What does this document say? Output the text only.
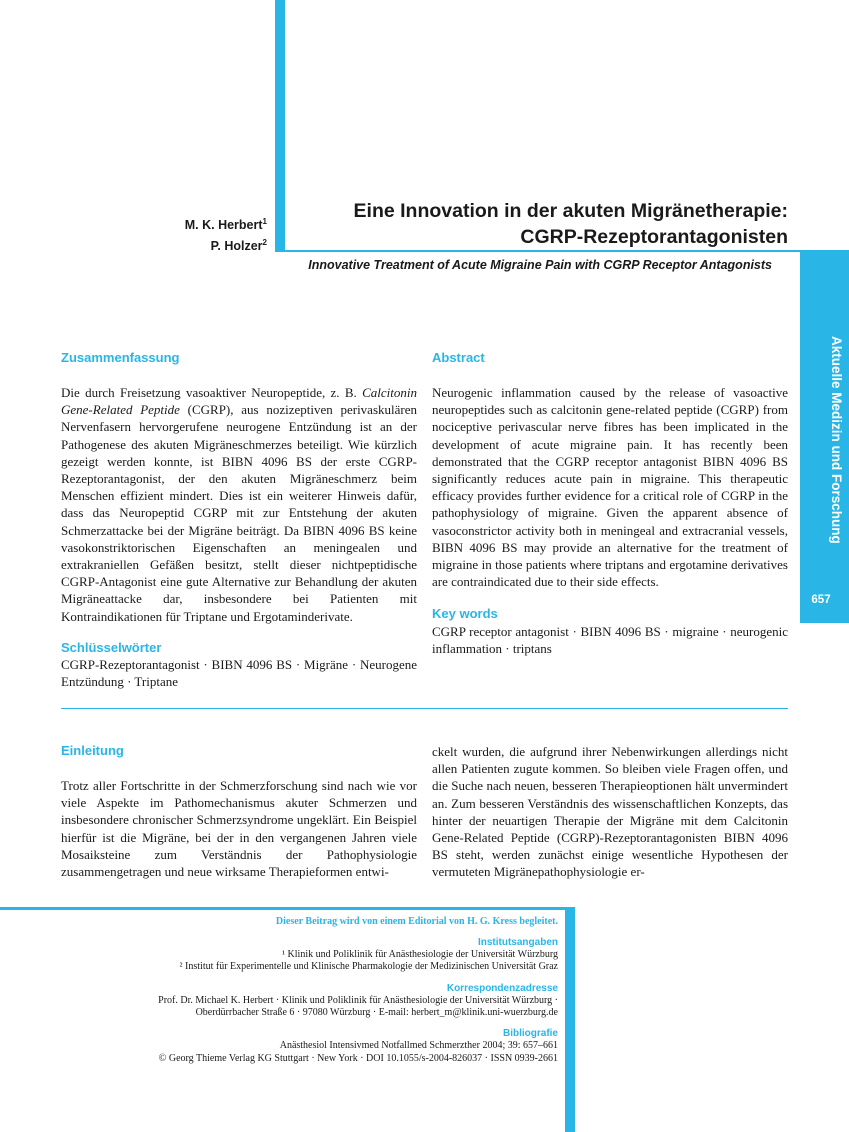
Aktuelle Medizin und Forschung
657
M. K. Herbert$^1$
P. Holzer$^2$
Eine Innovation in der akuten Migränetherapie:
CGRP-Rezeptorantagonisten
Innovative Treatment of Acute Migraine Pain with CGRP Receptor Antagonists
Zusammenfassung
Die durch Freisetzung vasoaktiver Neuropeptide, z. B. Calcitonin Gene-Related Peptide (CGRP), aus nozizeptiven perivaskulären Nervenfasern hervorgerufene neurogene Entzündung ist an der Pathogenese des akuten Migräneschmerzes beteiligt. Wie kürzlich gezeigt werden konnte, ist BIBN 4096 BS der erste CGRP-Rezeptorantagonist, der den akuten Migräneschmerz beim Menschen effizient mindert. Dies ist ein weiterer Hinweis dafür, dass das Neuropeptid CGRP mit zur Entstehung der akuten Schmerzattacke bei der Migräne beiträgt. Da BIBN 4096 BS keine vasokonstriktorischen Eigenschaften an meningealen und extrakraniellen Gefäßen besitzt, stellt dieser nichtpeptidische CGRP-Antagonist eine gute Alternative zur Behandlung der akuten Migräneattacke dar, insbesondere bei Patienten mit Kontraindikationen für Triptane und Ergotaminderivate.
Schlüsselwörter
CGRP-Rezeptorantagonist · BIBN 4096 BS · Migräne · Neurogene Entzündung · Triptane
Abstract
Neurogenic inflammation caused by the release of vasoactive neuropeptides such as calcitonin gene-related peptide (CGRP) from nociceptive perivascular nerve fibres has been implicated in the development of acute migraine pain. It has recently been demonstrated that the CGRP receptor antagonist BIBN 4096 BS significantly reduces acute pain in migraine. This therapeutic efficacy provides further evidence for a critical role of CGRP in the pathophysiology of migraine. Given the apparent absence of vasoconstrictor activity both in meningeal and extracranial vessels, BIBN 4096 BS may provide an alternative for the treatment of migraine in those patients where triptans and ergotamine derivatives are contraindicated due to their side effects.
Key words
CGRP receptor antagonist · BIBN 4096 BS · migraine · neurogenic inflammation · triptans
Einleitung
Trotz aller Fortschritte in der Schmerzforschung sind nach wie vor viele Aspekte im Pathomechanismus akuter Schmerzen und insbesondere chronischer Schmerzsyndrome ungeklärt. Ein Beispiel hierfür ist die Migräne, bei der in den vergangenen Jahren viele Mosaiksteine zum Verständnis der Pathophysiologie zusammengetragen und neue wirksame Therapieformen entwi-
ckelt wurden, die aufgrund ihrer Nebenwirkungen allerdings nicht allen Patienten zugute kommen. So bleiben viele Fragen offen, und die Suche nach neuen, besseren Therapieoptionen hält unvermindert an. Zum besseren Verständnis des wissenschaftlichen Konzepts, das hinter der neuartigen Therapie der Migräne mit dem Calcitonin Gene-Related Peptide (CGRP)-Rezeptorantagonisten BIBN 4096 BS steht, werden zunächst einige wesentliche Hypothesen der vermuteten Migränepathophysiologie er-
Dieser Beitrag wird von einem Editorial von H. G. Kress begleitet.
Institutsangaben
¹ Klinik und Poliklinik für Anästhesiologie der Universität Würzburg
² Institut für Experimentelle und Klinische Pharmakologie der Medizinischen Universität Graz
Korrespondenzadresse
Prof. Dr. Michael K. Herbert · Klinik und Poliklinik für Anästhesiologie der Universität Würzburg ·
Oberdürrbacher Straße 6 · 97080 Würzburg · E-mail: herbert_m@klinik.uni-wuerzburg.de
Bibliografie
Anästhesiol Intensivmed Notfallmed Schmerzther 2004; 39: 657–661
© Georg Thieme Verlag KG Stuttgart · New York · DOI 10.1055/s-2004-826037 · ISSN 0939-2661
